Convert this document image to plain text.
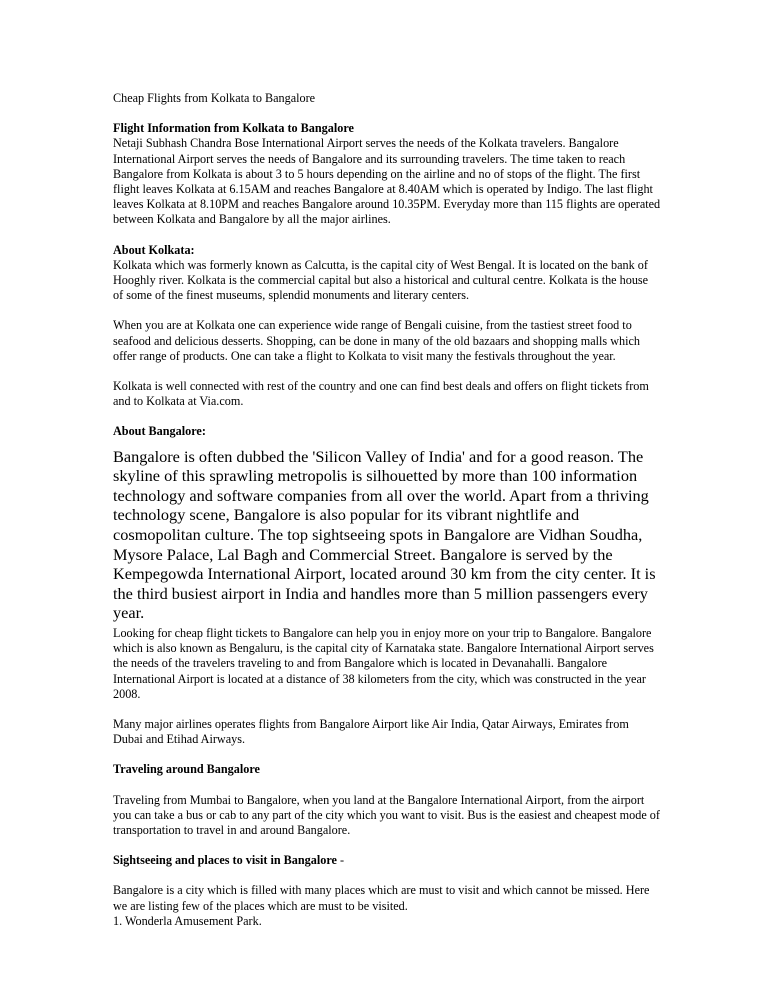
Cheap Flights from Kolkata to Bangalore

Flight Information from Kolkata to Bangalore

Netaji Subhash Chandra Bose International Airport serves the needs of the Kolkata travelers. Bangalore International Airport serves the needs of Bangalore and its surrounding travelers. The time taken to reach Bangalore from Kolkata is about 3 to 5 hours depending on the airline and no of stops of the flight. The first flight leaves Kolkata at 6.15AM and reaches Bangalore at 8.40AM which is operated by Indigo. The last flight leaves Kolkata at 8.10PM and reaches Bangalore around 10.35PM. Everyday more than 115 flights are operated between Kolkata and Bangalore by all the major airlines.

About Kolkata:

Kolkata which was formerly known as Calcutta, is the capital city of West Bengal. It is located on the bank of Hooghly river. Kolkata is the commercial capital but also a historical and cultural centre. Kolkata is the house of some of the finest museums, splendid monuments and literary centers.

When you are at Kolkata one can experience wide range of Bengali cuisine, from the tastiest street food to seafood and delicious desserts. Shopping, can be done in many of the old bazaars and shopping malls which offer range of products. One can take a flight to Kolkata to visit many the festivals throughout the year.

Kolkata is well connected with rest of the country and one can find best deals and offers on flight tickets from and to Kolkata at Via.com.

About Bangalore:

Bangalore is often dubbed the 'Silicon Valley of India' and for a good reason. The skyline of this sprawling metropolis is silhouetted by more than 100 information technology and software companies from all over the world. Apart from a thriving technology scene, Bangalore is also popular for its vibrant nightlife and cosmopolitan culture. The top sightseeing spots in Bangalore are Vidhan Soudha, Mysore Palace, Lal Bagh and Commercial Street. Bangalore is served by the Kempegowda International Airport, located around 30 km from the city center. It is the third busiest airport in India and handles more than 5 million passengers every year.

Looking for cheap flight tickets to Bangalore can help you in enjoy more on your trip to Bangalore. Bangalore which is also known as Bengaluru, is the capital city of Karnataka state. Bangalore International Airport serves the needs of the travelers traveling to and from Bangalore which is located in Devanahalli. Bangalore International Airport is located at a distance of 38 kilometers from the city, which was constructed in the year 2008.

Many major airlines operates flights from Bangalore Airport like Air India, Qatar Airways, Emirates from Dubai and Etihad Airways.

Traveling around Bangalore

Traveling from Mumbai to Bangalore, when you land at the Bangalore International Airport, from the airport you can take a bus or cab to any part of the city which you want to visit. Bus is the easiest and cheapest mode of transportation to travel in and around Bangalore.

Sightseeing and places to visit in Bangalore -

Bangalore is a city which is filled with many places which are must to visit and which cannot be missed. Here we are listing few of the places which are must to be visited.

1. Wonderla Amusement Park.
